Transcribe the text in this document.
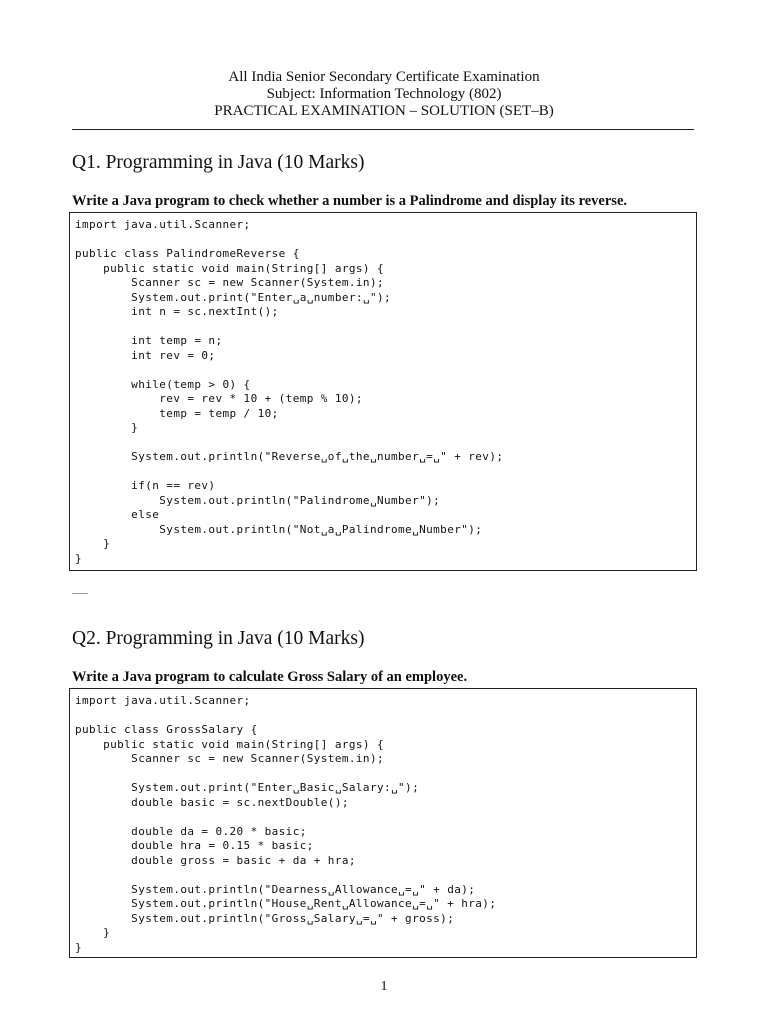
All India Senior Secondary Certificate Examination
Subject: Information Technology (802)
PRACTICAL EXAMINATION – SOLUTION (SET–B)
Q1. Programming in Java (10 Marks)
Write a Java program to check whether a number is a Palindrome and display its reverse.
import java.util.Scanner;
public class PalindromeReverse {
public static void main(String[] args) {
Scanner sc = new Scanner(System.in);
System.out.print("Enter␣a␣number:␣");
int n = sc.nextInt();
int temp = n;
int rev = 0;
while(temp > 0) {
rev = rev * 10 + (temp % 10);
temp = temp / 10;
}
System.out.println("Reverse␣of␣the␣number␣=␣" + rev);
if(n == rev)
System.out.println("Palindrome␣Number");
else
System.out.println("Not␣a␣Palindrome␣Number");
}
}
Q2. Programming in Java (10 Marks)
Write a Java program to calculate Gross Salary of an employee.
import java.util.Scanner;
public class GrossSalary {
public static void main(String[] args) {
Scanner sc = new Scanner(System.in);
System.out.print("Enter␣Basic␣Salary:␣");
double basic = sc.nextDouble();
double da = 0.20 * basic;
double hra = 0.15 * basic;
double gross = basic + da + hra;
System.out.println("Dearness␣Allowance␣=␣" + da);
System.out.println("House␣Rent␣Allowance␣=␣" + hra);
System.out.println("Gross␣Salary␣=␣" + gross);
}
}
1
